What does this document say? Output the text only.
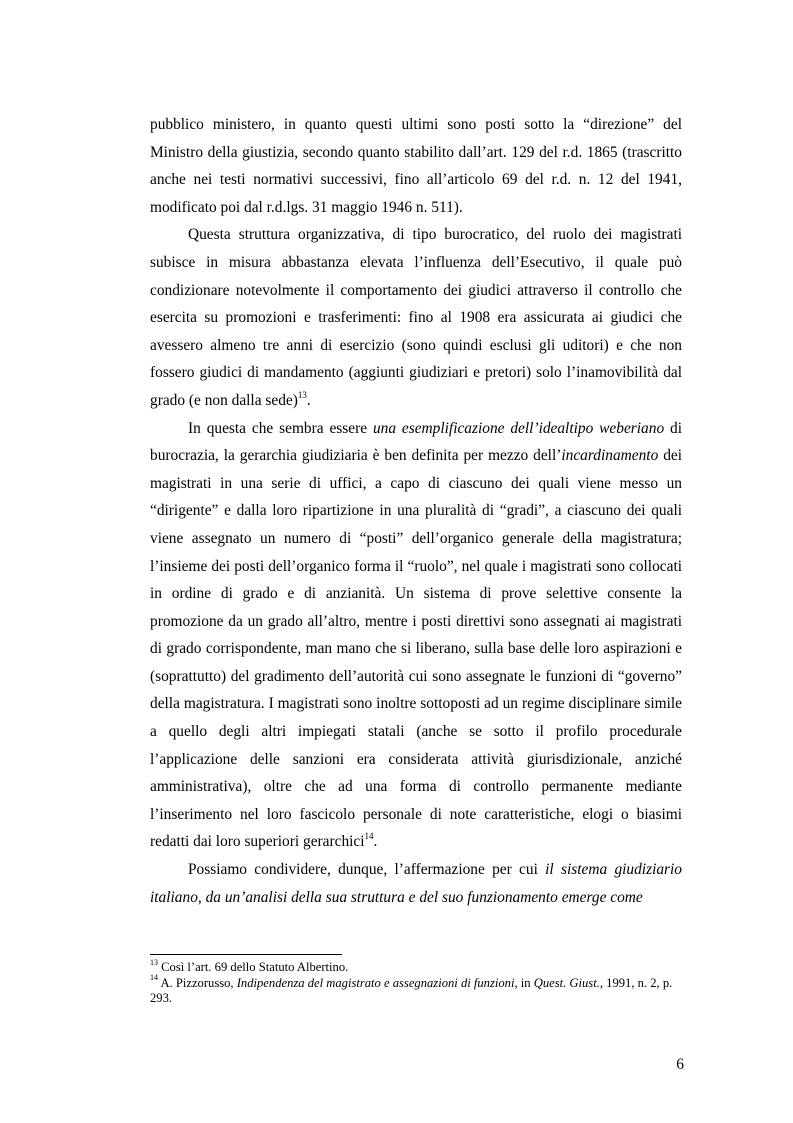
pubblico ministero, in quanto questi ultimi sono posti sotto la “direzione” del Ministro della giustizia, secondo quanto stabilito dall’art. 129 del r.d. 1865 (trascritto anche nei testi normativi successivi, fino all’articolo 69 del r.d. n. 12 del 1941, modificato poi dal r.d.lgs. 31 maggio 1946 n. 511).

Questa struttura organizzativa, di tipo burocratico, del ruolo dei magistrati subisce in misura abbastanza elevata l’influenza dell’Esecutivo, il quale può condizionare notevolmente il comportamento dei giudici attraverso il controllo che esercita su promozioni e trasferimenti: fino al 1908 era assicurata ai giudici che avessero almeno tre anni di esercizio (sono quindi esclusi gli uditori) e che non fossero giudici di mandamento (aggiunti giudiziari e pretori) solo l’inamovibilità dal grado (e non dalla sede)$^{13}$.

In questa che sembra essere una esemplificazione dell’idealtipo weberiano di burocrazia, la gerarchia giudiziaria è ben definita per mezzo dell’incardinamento dei magistrati in una serie di uffici, a capo di ciascuno dei quali viene messo un “dirigente” e dalla loro ripartizione in una pluralità di “gradi”, a ciascuno dei quali viene assegnato un numero di “posti” dell’organico generale della magistratura; l’insieme dei posti dell’organico forma il “ruolo”, nel quale i magistrati sono collocati in ordine di grado e di anzianità. Un sistema di prove selettive consente la promozione da un grado all’altro, mentre i posti direttivi sono assegnati ai magistrati di grado corrispondente, man mano che si liberano, sulla base delle loro aspirazioni e (soprattutto) del gradimento dell’autorità cui sono assegnate le funzioni di “governo” della magistratura. I magistrati sono inoltre sottoposti ad un regime disciplinare simile a quello degli altri impiegati statali (anche se sotto il profilo procedurale l’applicazione delle sanzioni era considerata attività giurisdizionale, anziché amministrativa), oltre che ad una forma di controllo permanente mediante l’inserimento nel loro fascicolo personale di note caratteristiche, elogi o biasimi redatti dai loro superiori gerarchici$^{14}$.

Possiamo condividere, dunque, l’affermazione per cui il sistema giudiziario italiano, da un’analisi della sua struttura e del suo funzionamento emerge come

$^{13}$ Così l’art. 69 dello Statuto Albertino.

$^{14}$ A. Pizzorusso, Indipendenza del magistrato e assegnazioni di funzioni, in Quest. Giust., 1991, n. 2, p. 293.

6
